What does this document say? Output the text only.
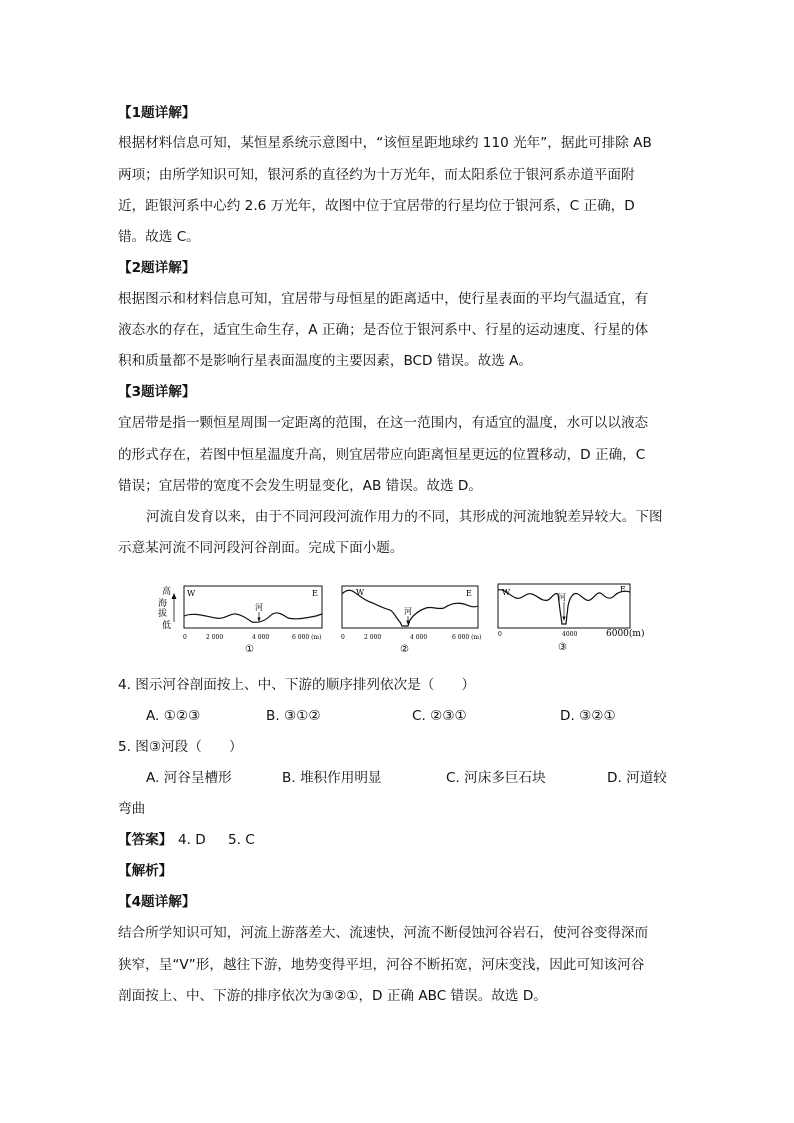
【1题详解】
根据材料信息可知，某恒星系统示意图中，“该恒星距地球约 110 光年”，据此可排除 AB
两项；由所学知识可知，银河系的直径约为十万光年，而太阳系位于银河系赤道平面附
近，距银河系中心约 2.6 万光年，故图中位于宜居带的行星均位于银河系，C 正确，D
错。故选 C。
【2题详解】
根据图示和材料信息可知，宜居带与母恒星的距离适中，使行星表面的平均气温适宜，有
液态水的存在，适宜生命生存，A 正确；是否位于银河系中、行星的运动速度、行星的体
积和质量都不是影响行星表面温度的主要因素，BCD 错误。故选 A。
【3题详解】
宜居带是指一颗恒星周围一定距离的范围，在这一范围内，有适宜的温度，水可以以液态
的形式存在，若图中恒星温度升高，则宜居带应向距离恒星更远的位置移动，D 正确，C
错误；宜居带的宽度不会发生明显变化，AB 错误。故选 D。
河流自发育以来，由于不同河段河流作用力的不同，其形成的河流地貌差异较大。下图
示意某河流不同河段河谷剖面。完成下面小题。
高
海
拔
低
W	E
河
0	2 000	4 000	6 000 (m)
①
W	E
河
0	2 000	4 000	6 000 (m)
②
W	E
河
0	4000	6000(m)
③
4. 图示河谷剖面按上、中、下游的顺序排列依次是（　　）
A. ①②③	B. ③①②	C. ②③①	D. ③②①
5. 图③河段（　　）
A. 河谷呈槽形	B. 堆积作用明显	C. 河床多巨石块	D. 河道较
弯曲
【答案】 4. D 5. C
【解析】
【4题详解】
结合所学知识可知，河流上游落差大、流速快，河流不断侵蚀河谷岩石，使河谷变得深而
狭窄，呈“V”形，越往下游，地势变得平坦，河谷不断拓宽，河床变浅，因此可知该河谷
剖面按上、中、下游的排序依次为③②①，D 正确 ABC 错误。故选 D。
